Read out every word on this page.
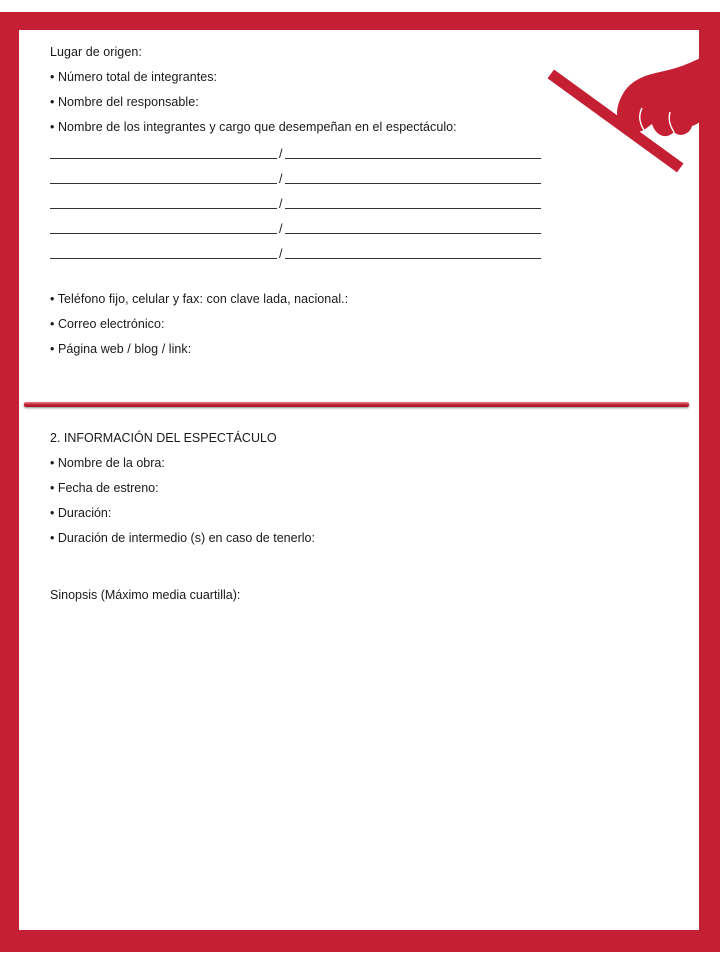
Lugar de origen:
• Número total de integrantes:
• Nombre del responsable:
• Nombre de los integrantes y cargo que desempeñan en el espectáculo:
/
/
/
/
/
• Teléfono fijo, celular y fax: con clave lada, nacional.:
• Correo electrónico:
• Página web / blog / link:
2. INFORMACIÓN DEL ESPECTÁCULO
• Nombre de la obra:
• Fecha de estreno:
• Duración:
• Duración de intermedio (s) en caso de tenerlo:
Sinopsis (Máximo media cuartilla):
